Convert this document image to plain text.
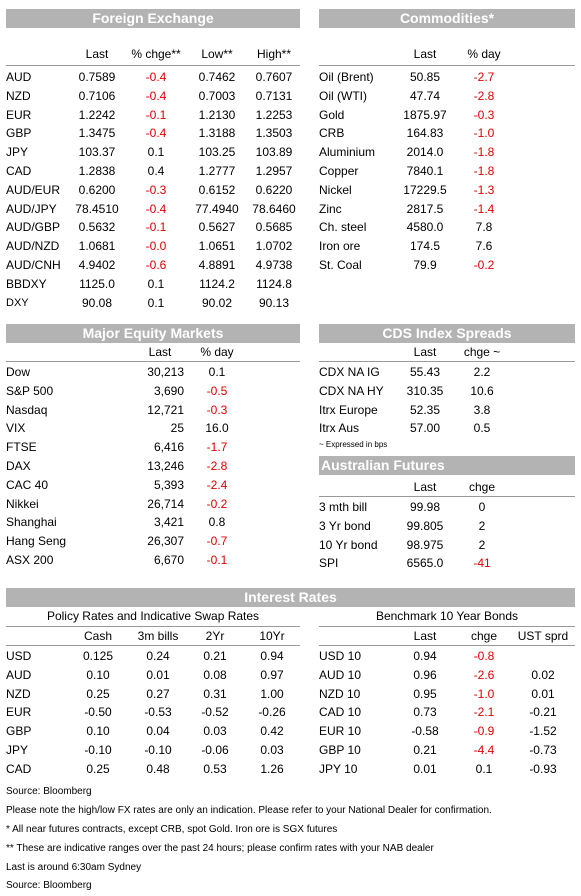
Foreign Exchange
Last	% chge**	Low**	High**
AUD	0.7589	-0.4	0.7462	0.7607
NZD	0.7106	-0.4	0.7003	0.7131
EUR	1.2242	-0.1	1.2130	1.2253
GBP	1.3475	-0.4	1.3188	1.3503
JPY	103.37	0.1	103.25	103.89
CAD	1.2838	0.4	1.2777	1.2957
AUD/EUR	0.6200	-0.3	0.6152	0.6220
AUD/JPY 78.4510	-0.4	77.4940	78.6460
AUD/GBP	0.5632	-0.1	0.5627	0.5685
AUD/NZD	1.0681	-0.0	1.0651	1.0702
AUD/CNH	4.9402	-0.6	4.8891	4.9738
BBDXY	1125.0	0.1	1124.2	1124.8
DXY	90.08	0.1	90.02	90.13
Commodities*
Last	% day
Oil (Brent)	50.85	-2.7
Oil (WTI)	47.74	-2.8
Gold	1875.97	-0.3
CRB	164.83	-1.0
Aluminium	2014.0	-1.8
Copper	7840.1	-1.8
Nickel	17229.5	-1.3
Zinc	2817.5	-1.4
Ch. steel	4580.0	7.8
Iron ore	174.5	7.6
St. Coal	79.9	-0.2
Major Equity Markets
Last	% day
Dow	30,213	0.1
S&P 500	3,690	-0.5
Nasdaq	12,721	-0.3
VIX	25	16.0
FTSE	6,416	-1.7
DAX	13,246	-2.8
CAC 40	5,393	-2.4
Nikkei	26,714	-0.2
Shanghai	3,421	0.8
Hang Seng	26,307	-0.7
ASX 200	6,670	-0.1
CDS Index Spreads
Last	chge ~
CDX NA IG	55.43	2.2
CDX NA HY	310.35	10.6
Itrx Europe	52.35	3.8
Itrx Aus	57.00	0.5
~ Expressed in bps
Australian Futures
Last	chge
3 mth bill	99.98	0
3 Yr bond	99.805	2
10 Yr bond	98.975	2
SPI	6565.0	-41
Interest Rates
Policy Rates and Indicative Swap Rates
Cash	3m bills	2Yr	10Yr
USD	0.125	0.24	0.21	0.94
AUD	0.10	0.01	0.08	0.97
NZD	0.25	0.27	0.31	1.00
EUR	-0.50	-0.53	-0.52	-0.26
GBP	0.10	0.04	0.03	0.42
JPY	-0.10	-0.10	-0.06	0.03
CAD	0.25	0.48	0.53	1.26
Benchmark 10 Year Bonds
Last	chge	UST sprd
USD 10	0.94	-0.8
AUD 10	0.96	-2.6	0.02
NZD 10	0.95	-1.0	0.01
CAD 10	0.73	-2.1	-0.21
EUR 10	-0.58	-0.9	-1.52
GBP 10	0.21	-4.4	-0.73
JPY 10	0.01	0.1	-0.93
Source: Bloomberg
Please note the high/low FX rates are only an indication. Please refer to your National Dealer for confirmation.
* All near futures contracts, except CRB, spot Gold. Iron ore is SGX futures
** These are indicative ranges over the past 24 hours; please confirm rates with your NAB dealer
Last is around 6:30am Sydney
Source: Bloomberg
